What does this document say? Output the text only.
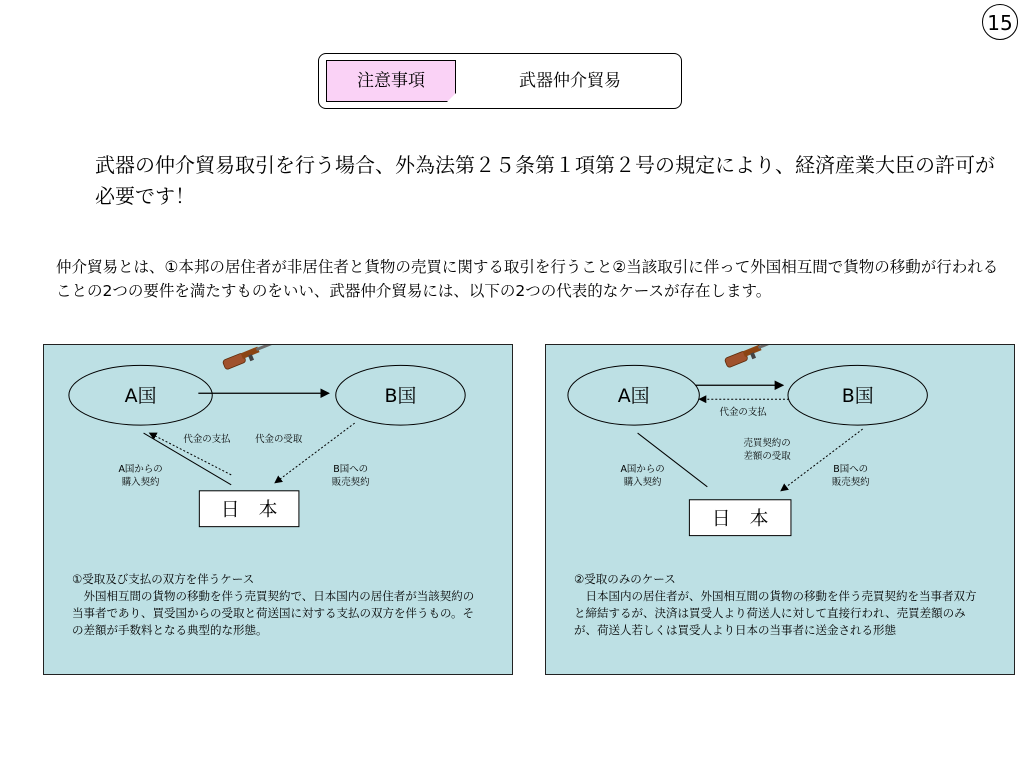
15
注意事項	武器仲介貿易

武器の仲介貿易取引を行う場合、外為法第２５条第１項第２号の規定により、経済産業大臣の許可が必要です！

仲介貿易とは、①本邦の居住者が非居住者と貨物の売買に関する取引を行うこと②当該取引に伴って外国相互間で貨物の移動が行われることの2つの要件を満たすものをいい、武器仲介貿易には、以下の2つの代表的なケースが存在します。

A国	B国
代金の支払	代金の受取
A国からの
購入契約
B国への
販売契約
日　本
①受取及び支払の双方を伴うケース
外国相互間の貨物の移動を伴う売買契約で、日本国内の居住者が当該契約の当事者であり、買受国からの受取と荷送国に対する支払の双方を伴うもの。その差額が手数料となる典型的な形態。
A国	B国
代金の支払
売買契約の
差額の受取
A国からの
購入契約
B国への
販売契約
日　本
②受取のみのケース
日本国内の居住者が、外国相互間の貨物の移動を伴う売買契約を当事者双方と締結するが、決済は買受人より荷送人に対して直接行われ、売買差額のみが、荷送人若しくは買受人より日本の当事者に送金される形態
